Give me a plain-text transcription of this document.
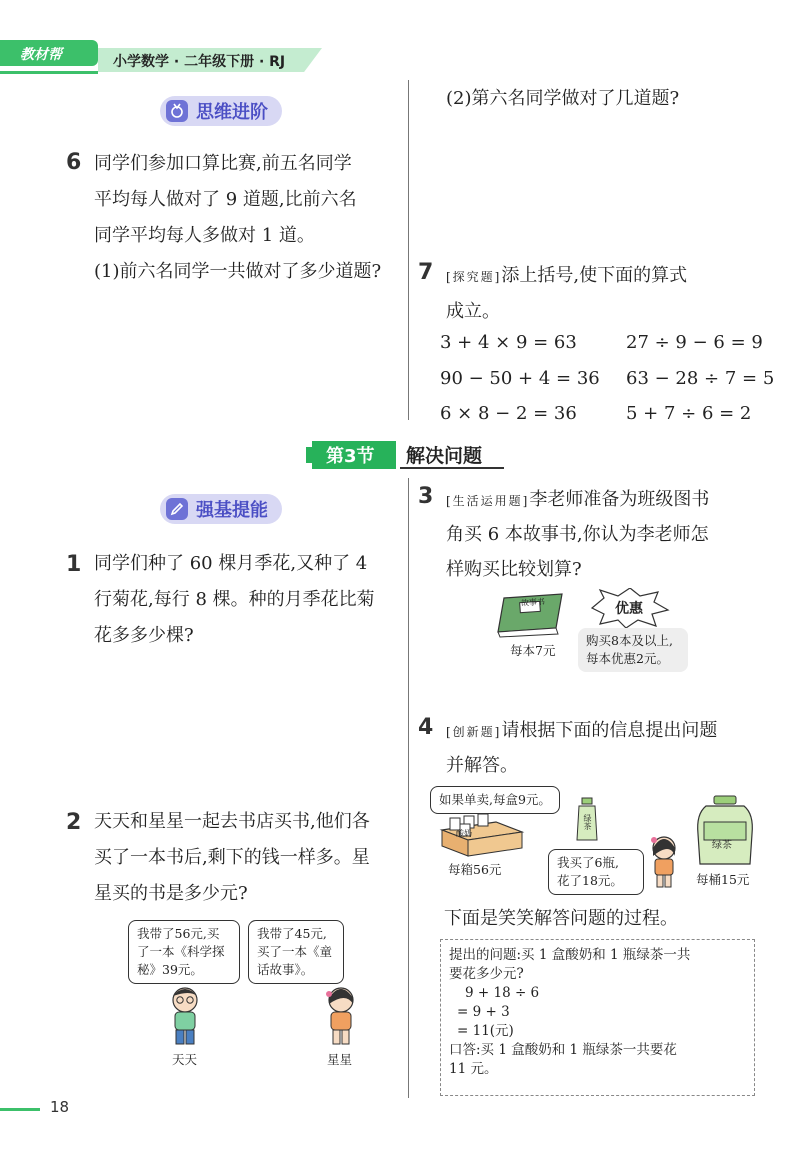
教材帮	小学数学 · 二年级下册 · RJ
思维进阶
6 同学们参加口算比赛,前五名同学
平均每人做对了 9 道题,比前六名
同学平均每人多做对 1 道。
(1)前六名同学一共做对了多少道题?
(2)第六名同学做对了几道题?
7 [探究题]添上括号,使下面的算式
成立。
3 + 4 × 9 = 63	27 ÷ 9 − 6 = 9
90 − 50 + 4 = 36 63 − 28 ÷ 7 = 5
6 × 8 − 2 = 36	5 + 7 ÷ 6 = 2
第3节	解决问题
强基提能
1 同学们种了 60 棵月季花,又种了 4
行菊花,每行 8 棵。种的月季花比菊
花多多少棵?
2 天天和星星一起去书店买书,他们各
买了一本书后,剩下的钱一样多。星
星买的书是多少元?
我带了56元,买
了一本《科学探
秘》39元。
我带了45元,
买了一本《童
话故事》。
天天	星星
3 [生活运用题]李老师准备为班级图书
角买 6 本故事书,你认为李老师怎
样购买比较划算?
故事书
每本7元
优惠
购买8本及以上,
每本优惠2元。
4 [创新题]请根据下面的信息提出问题
并解答。
如果单卖,每盒9元。
酸奶
每箱56元
绿茶
我买了6瓶,
花了18元。
绿茶
每桶15元
下面是笑笑解答问题的过程。
提出的问题:买 1 盒酸奶和 1 瓶绿茶一共
要花多少元?
9 + 18 ÷ 6
= 9 + 3
= 11(元)
口答:买 1 盒酸奶和 1 瓶绿茶一共要花
11 元。
18
